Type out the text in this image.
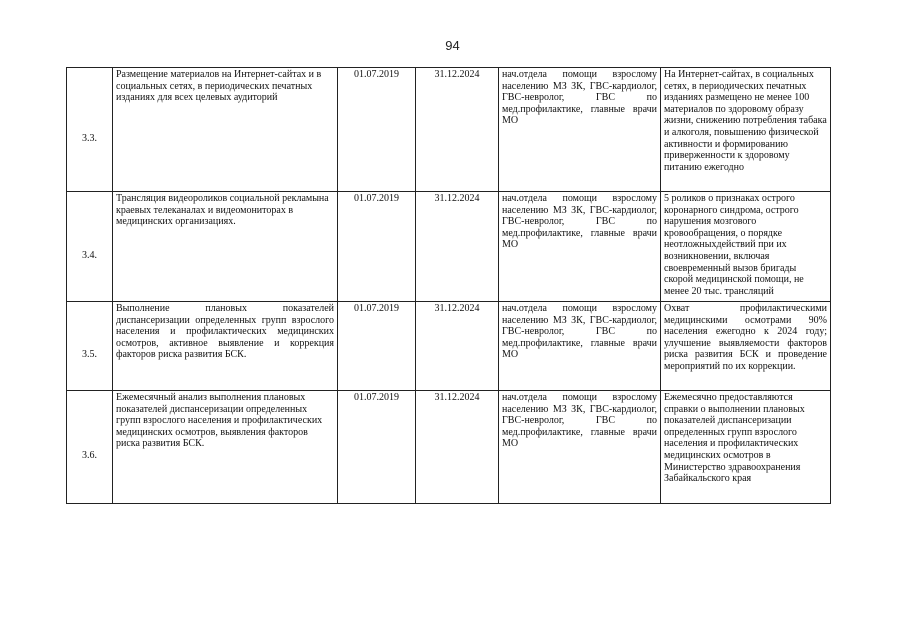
94
3.3.	Размещение материалов на Интернет-сайтах и в социальных сетях, в периодических печатных изданиях для всех целевых аудиторий	01.07.2019	31.12.2024	нач.отдела помощи взрослому населению МЗ ЗК, ГВС-кардиолог, ГВС-невролог, ГВС по мед.профилактике, главные врачи МО	На Интернет-сайтах, в социальных сетях, в периодических печатных изданиях размещено не менее 100 материалов по здоровому образу жизни, снижению потребления табака и алкоголя, повышению физической активности и формированию приверженности к здоровому питанию ежегодно

3.4.	Трансляция видеороликов социальной рекламына краевых телеканалах и видеомониторах в медицинских организациях.	01.07.2019	31.12.2024	нач.отдела помощи взрослому населению МЗ ЗК, ГВС-кардиолог, ГВС-невролог, ГВС по мед.профилактике, главные врачи МО	5 роликов о признаках острого коронарного синдрома, острого нарушения мозгового кровообращения, о порядке неотложныхдействий при их возникновении, включая своевременный вызов бригады скорой медицинской помощи, не менее 20 тыс. трансляций

3.5.	Выполнение плановых показателей диспансеризации определенных групп взрослого населения и профилактических медицинских осмотров, активное выявление и коррекция факторов риска развития БСК.	01.07.2019	31.12.2024	нач.отдела помощи взрослому населению МЗ ЗК, ГВС-кардиолог, ГВС-невролог, ГВС по мед.профилактике, главные врачи МО	Охват профилактическими медицинскими осмотрами 90% населения ежегодно к 2024 году; улучшение выявляемости факторов риска развития БСК и проведение мероприятий по их коррекции.

3.6.	Ежемесячный анализ выполнения плановых показателей диспансеризации определенных групп взрослого населения и профилактических медицинских осмотров, выявления факторов риска развития БСК.	01.07.2019	31.12.2024	нач.отдела помощи взрослому населению МЗ ЗК, ГВС-кардиолог, ГВС-невролог, ГВС по мед.профилактике, главные врачи МО	Ежемесячно предоставляются справки о выполнении плановых показателей диспансеризации определенных групп взрослого населения и профилактических медицинских осмотров в Министерство здравоохранения Забайкальского края
